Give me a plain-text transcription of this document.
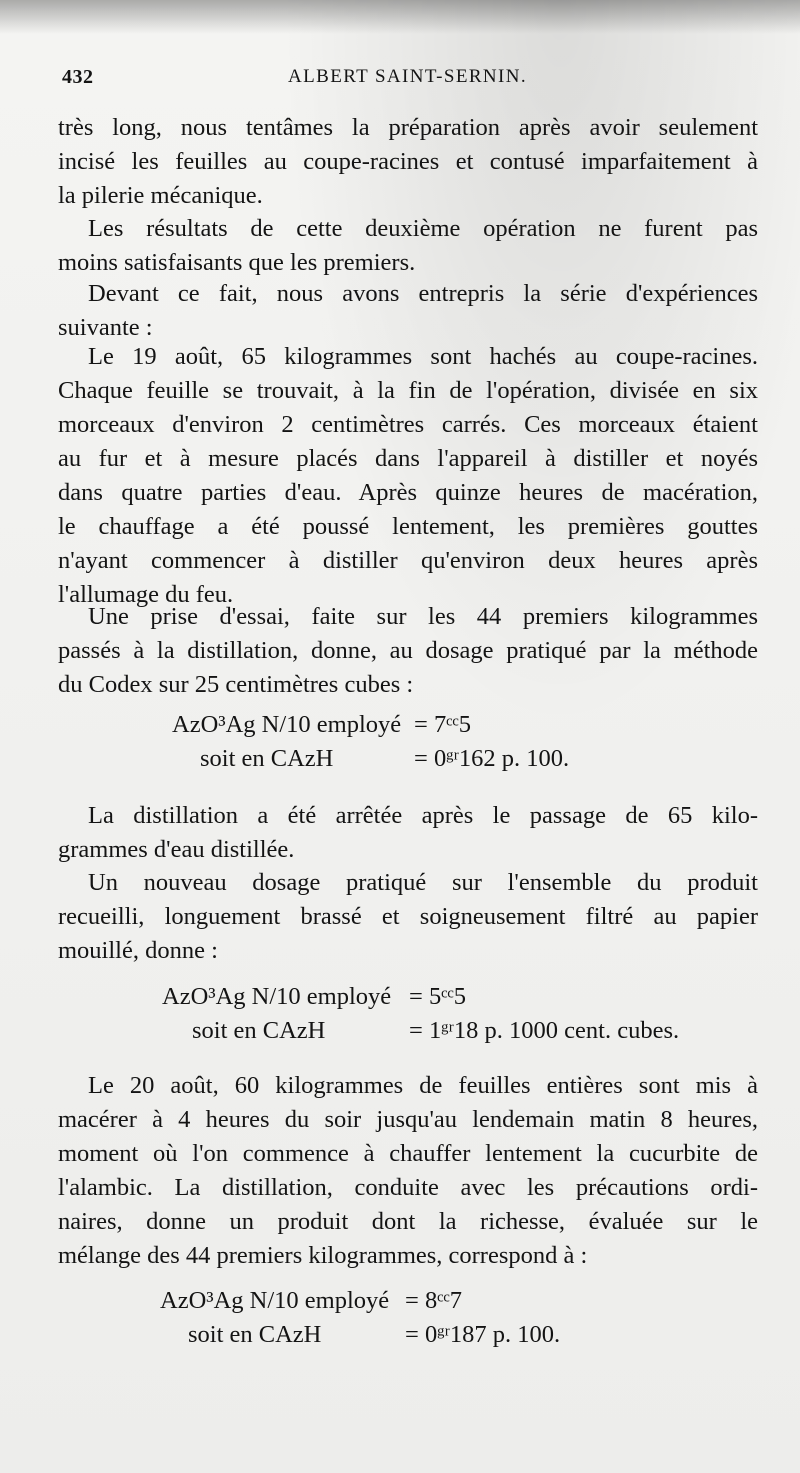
432	ALBERT SAINT-SERNIN.
très long, nous tentâmes la préparation après avoir seulement
incisé les feuilles au coupe-racines et contusé imparfaitement à
la pilerie mécanique.
Les résultats de cette deuxième opération ne furent pas
moins satisfaisants que les premiers.
Devant ce fait, nous avons entrepris la série d'expériences
suivante :
Le 19 août, 65 kilogrammes sont hachés au coupe-racines.
Chaque feuille se trouvait, à la fin de l'opération, divisée en six
morceaux d'environ 2 centimètres carrés. Ces morceaux étaient
au fur et à mesure placés dans l'appareil à distiller et noyés
dans quatre parties d'eau. Après quinze heures de macération,
le chauffage a été poussé lentement, les premières gouttes
n'ayant commencer à distiller qu'environ deux heures après
l'allumage du feu.
Une prise d'essai, faite sur les 44 premiers kilogrammes
passés à la distillation, donne, au dosage pratiqué par la méthode
du Codex sur 25 centimètres cubes :
AzO³Ag N/10 employé = 7ᶜᶜ5
soit en CAzH	= 0ᵍʳ162 p. 100.
La distillation a été arrêtée après le passage de 65 kilo-
grammes d'eau distillée.
Un nouveau dosage pratiqué sur l'ensemble du produit
recueilli, longuement brassé et soigneusement filtré au papier
mouillé, donne :
AzO³Ag N/10 employé = 5ᶜᶜ5
soit en CAzH	= 1ᵍʳ18 p. 1000 cent. cubes.
Le 20 août, 60 kilogrammes de feuilles entières sont mis à
macérer à 4 heures du soir jusqu'au lendemain matin 8 heures,
moment où l'on commence à chauffer lentement la cucurbite de
l'alambic. La distillation, conduite avec les précautions ordi-
naires, donne un produit dont la richesse, évaluée sur le
mélange des 44 premiers kilogrammes, correspond à :
AzO³Ag N/10 employé = 8ᶜᶜ7
soit en CAzH	= 0ᵍʳ187 p. 100.
